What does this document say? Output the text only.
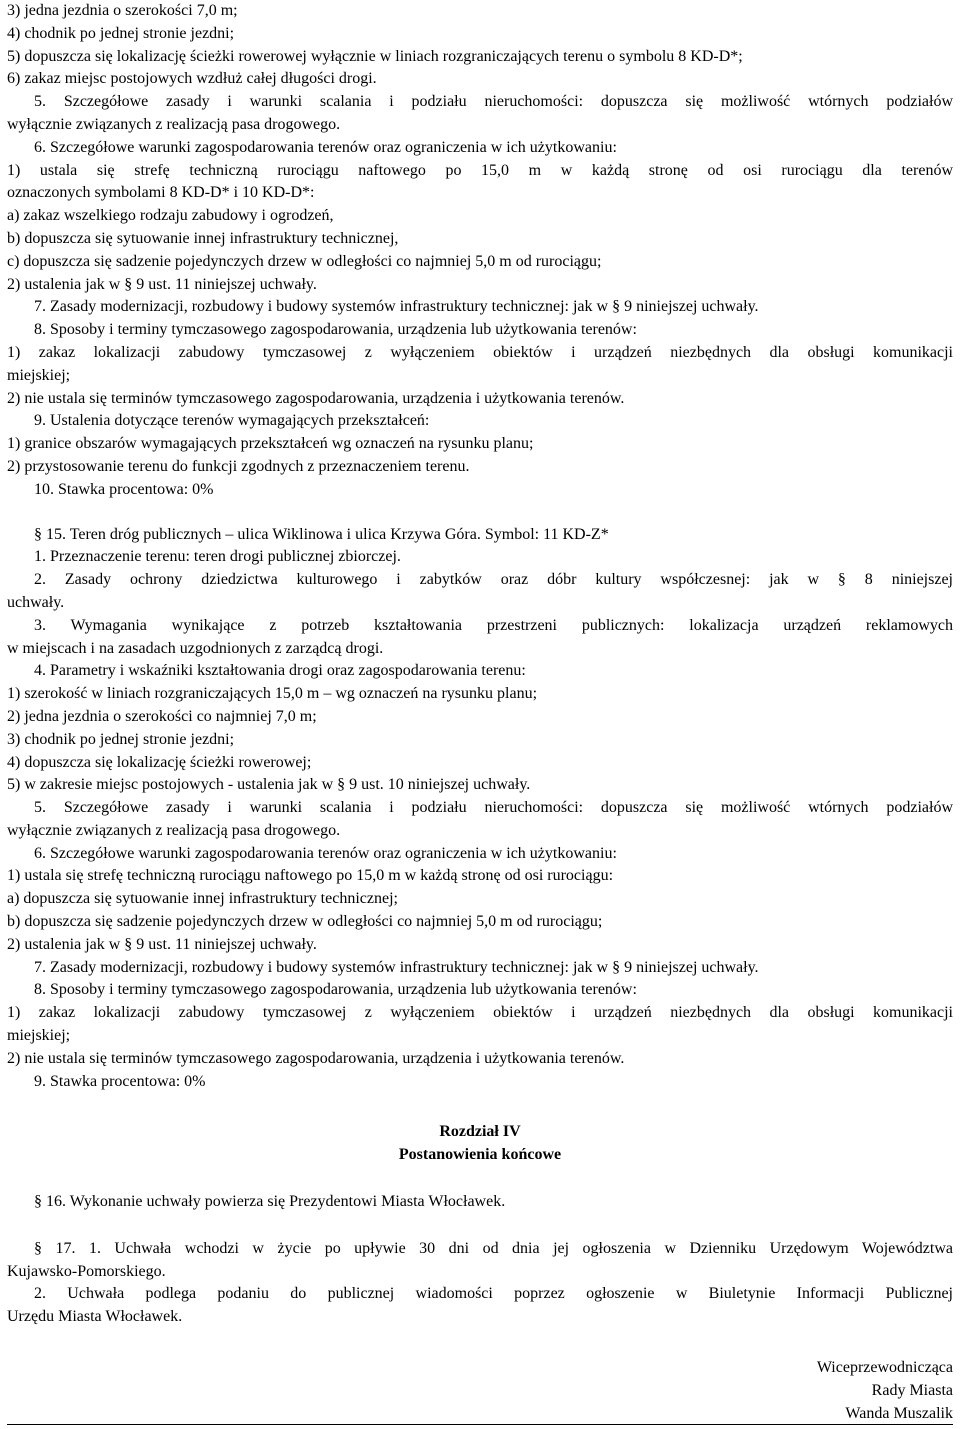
3) jedna jezdnia o szerokości 7,0 m;
4) chodnik po jednej stronie jezdni;
5) dopuszcza się lokalizację ścieżki rowerowej wyłącznie w liniach rozgraniczających terenu o symbolu 8 KD-D*;
6) zakaz miejsc postojowych wzdłuż całej długości drogi.
5. Szczegółowe zasady i warunki scalania i podziału nieruchomości: dopuszcza się możliwość wtórnych podziałów
wyłącznie związanych z realizacją pasa drogowego.
6. Szczegółowe warunki zagospodarowania terenów oraz ograniczenia w ich użytkowaniu:
1) ustala się strefę techniczną rurociągu naftowego po 15,0 m w każdą stronę od osi rurociągu dla terenów
oznaczonych symbolami 8 KD-D* i 10 KD-D*:
a) zakaz wszelkiego rodzaju zabudowy i ogrodzeń,
b) dopuszcza się sytuowanie innej infrastruktury technicznej,
c) dopuszcza się sadzenie pojedynczych drzew w odległości co najmniej 5,0 m od rurociągu;
2) ustalenia jak w § 9 ust. 11 niniejszej uchwały.
7. Zasady modernizacji, rozbudowy i budowy systemów infrastruktury technicznej: jak w § 9 niniejszej uchwały.
8. Sposoby i terminy tymczasowego zagospodarowania, urządzenia lub użytkowania terenów:
1) zakaz lokalizacji zabudowy tymczasowej z wyłączeniem obiektów i urządzeń niezbędnych dla obsługi komunikacji
miejskiej;
2) nie ustala się terminów tymczasowego zagospodarowania, urządzenia i użytkowania terenów.
9. Ustalenia dotyczące terenów wymagających przekształceń:
1) granice obszarów wymagających przekształceń wg oznaczeń na rysunku planu;
2) przystosowanie terenu do funkcji zgodnych z przeznaczeniem terenu.
10. Stawka procentowa: 0%
§ 15. Teren dróg publicznych – ulica Wiklinowa i ulica Krzywa Góra. Symbol: 11 KD-Z*
1. Przeznaczenie terenu: teren drogi publicznej zbiorczej.
2. Zasady ochrony dziedzictwa kulturowego i zabytków oraz dóbr kultury współczesnej: jak w § 8 niniejszej
uchwały.
3. Wymagania wynikające z potrzeb kształtowania przestrzeni publicznych: lokalizacja urządzeń reklamowych
w miejscach i na zasadach uzgodnionych z zarządcą drogi.
4. Parametry i wskaźniki kształtowania drogi oraz zagospodarowania terenu:
1) szerokość w liniach rozgraniczających 15,0 m – wg oznaczeń na rysunku planu;
2) jedna jezdnia o szerokości co najmniej 7,0 m;
3) chodnik po jednej stronie jezdni;
4) dopuszcza się lokalizację ścieżki rowerowej;
5) w zakresie miejsc postojowych - ustalenia jak w § 9 ust. 10 niniejszej uchwały.
5. Szczegółowe zasady i warunki scalania i podziału nieruchomości: dopuszcza się możliwość wtórnych podziałów
wyłącznie związanych z realizacją pasa drogowego.
6. Szczegółowe warunki zagospodarowania terenów oraz ograniczenia w ich użytkowaniu:
1) ustala się strefę techniczną rurociągu naftowego po 15,0 m w każdą stronę od osi rurociągu:
a) dopuszcza się sytuowanie innej infrastruktury technicznej;
b) dopuszcza się sadzenie pojedynczych drzew w odległości co najmniej 5,0 m od rurociągu;
2) ustalenia jak w § 9 ust. 11 niniejszej uchwały.
7. Zasady modernizacji, rozbudowy i budowy systemów infrastruktury technicznej: jak w § 9 niniejszej uchwały.
8. Sposoby i terminy tymczasowego zagospodarowania, urządzenia lub użytkowania terenów:
1) zakaz lokalizacji zabudowy tymczasowej z wyłączeniem obiektów i urządzeń niezbędnych dla obsługi komunikacji
miejskiej;
2) nie ustala się terminów tymczasowego zagospodarowania, urządzenia i użytkowania terenów.
9. Stawka procentowa: 0%
Rozdział IV
Postanowienia końcowe
§ 16. Wykonanie uchwały powierza się Prezydentowi Miasta Włocławek.
§ 17. 1. Uchwała wchodzi w życie po upływie 30 dni od dnia jej ogłoszenia w Dzienniku Urzędowym Województwa
Kujawsko-Pomorskiego.
2. Uchwała podlega podaniu do publicznej wiadomości poprzez ogłoszenie w Biuletynie Informacji Publicznej
Urzędu Miasta Włocławek.
Wiceprzewodnicząca
Rady Miasta
Wanda Muszalik
